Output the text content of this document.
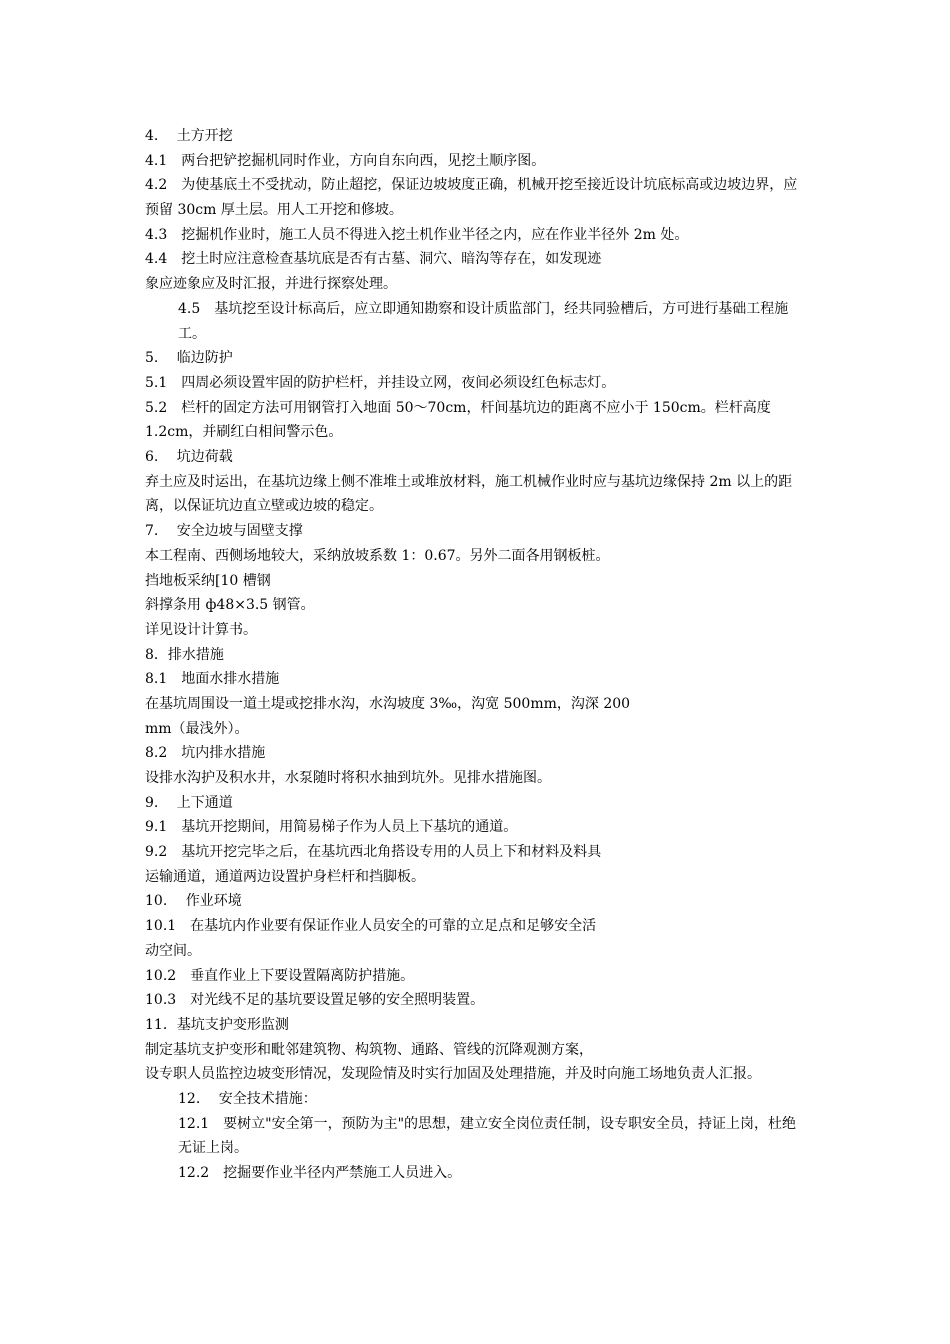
4.　 土方开挖
4.1　两台把铲挖掘机同时作业，方向自东向西，见挖土顺序图。
4.2　为使基底土不受扰动，防止超挖，保证边坡坡度正确，机械开挖至接近设计坑底标高或边坡边界，应预留 30cm 厚土层。用人工开挖和修坡。
4.3　挖掘机作业时，施工人员不得进入挖土机作业半径之内，应在作业半径外 2m 处。
4.4　挖土时应注意检查基坑底是否有古墓、洞穴、暗沟等存在，如发现迹
象应迹象应及时汇报，并进行探察处理。
4.5　基坑挖至设计标高后，应立即通知勘察和设计质监部门，经共同验槽后，方可进行基础工程施工。
5.　 临边防护
5.1　四周必须设置牢固的防护栏杆，并挂设立网，夜间必须设红色标志灯。
5.2　栏杆的固定方法可用钢管打入地面 50～70cm，杆间基坑边的距离不应小于 150cm。栏杆高度 1.2cm，并刷红白相间警示色。
6.　 坑边荷载
弃土应及时运出，在基坑边缘上侧不准堆土或堆放材料，施工机械作业时应与基坑边缘保持 2m 以上的距离，以保证坑边直立壁或边坡的稳定。
7.　 安全边坡与固壁支撑
本工程南、西侧场地较大，采纳放坡系数 1：0.67。另外二面各用钢板桩。
挡地板采纳[10 槽钢
斜撑条用 ф48×3.5 钢管。
详见设计计算书。
8．排水措施
8.1　地面水排水措施
在基坑周围设一道土堤或挖排水沟，水沟坡度 3‰，沟宽 500mm，沟深 200
mm（最浅外）。
8.2　坑内排水措施
设排水沟护及积水井，水泵随时将积水抽到坑外。见排水措施图。
9.　 上下通道
9.1　基坑开挖期间，用简易梯子作为人员上下基坑的通道。
9.2　基坑开挖完毕之后，在基坑西北角搭设专用的人员上下和材料及料具
运输通道，通道两边设置护身栏杆和挡脚板。
10.　 作业环境
10.1　在基坑内作业要有保证作业人员安全的可靠的立足点和足够安全活
动空间。
10.2　垂直作业上下要设置隔离防护措施。
10.3　对光线不足的基坑要设置足够的安全照明装置。
11．基坑支护变形监测
制定基坑支护变形和毗邻建筑物、构筑物、通路、管线的沉降观测方案，
设专职人员监控边坡变形情况，发现险情及时实行加固及处理措施，并及时向施工场地负责人汇报。
12.　 安全技术措施：
12.1　要树立"安全第一，预防为主"的思想，建立安全岗位责任制，设专职安全员，持证上岗，杜绝无证上岗。
12.2　挖掘要作业半径内严禁施工人员进入。
